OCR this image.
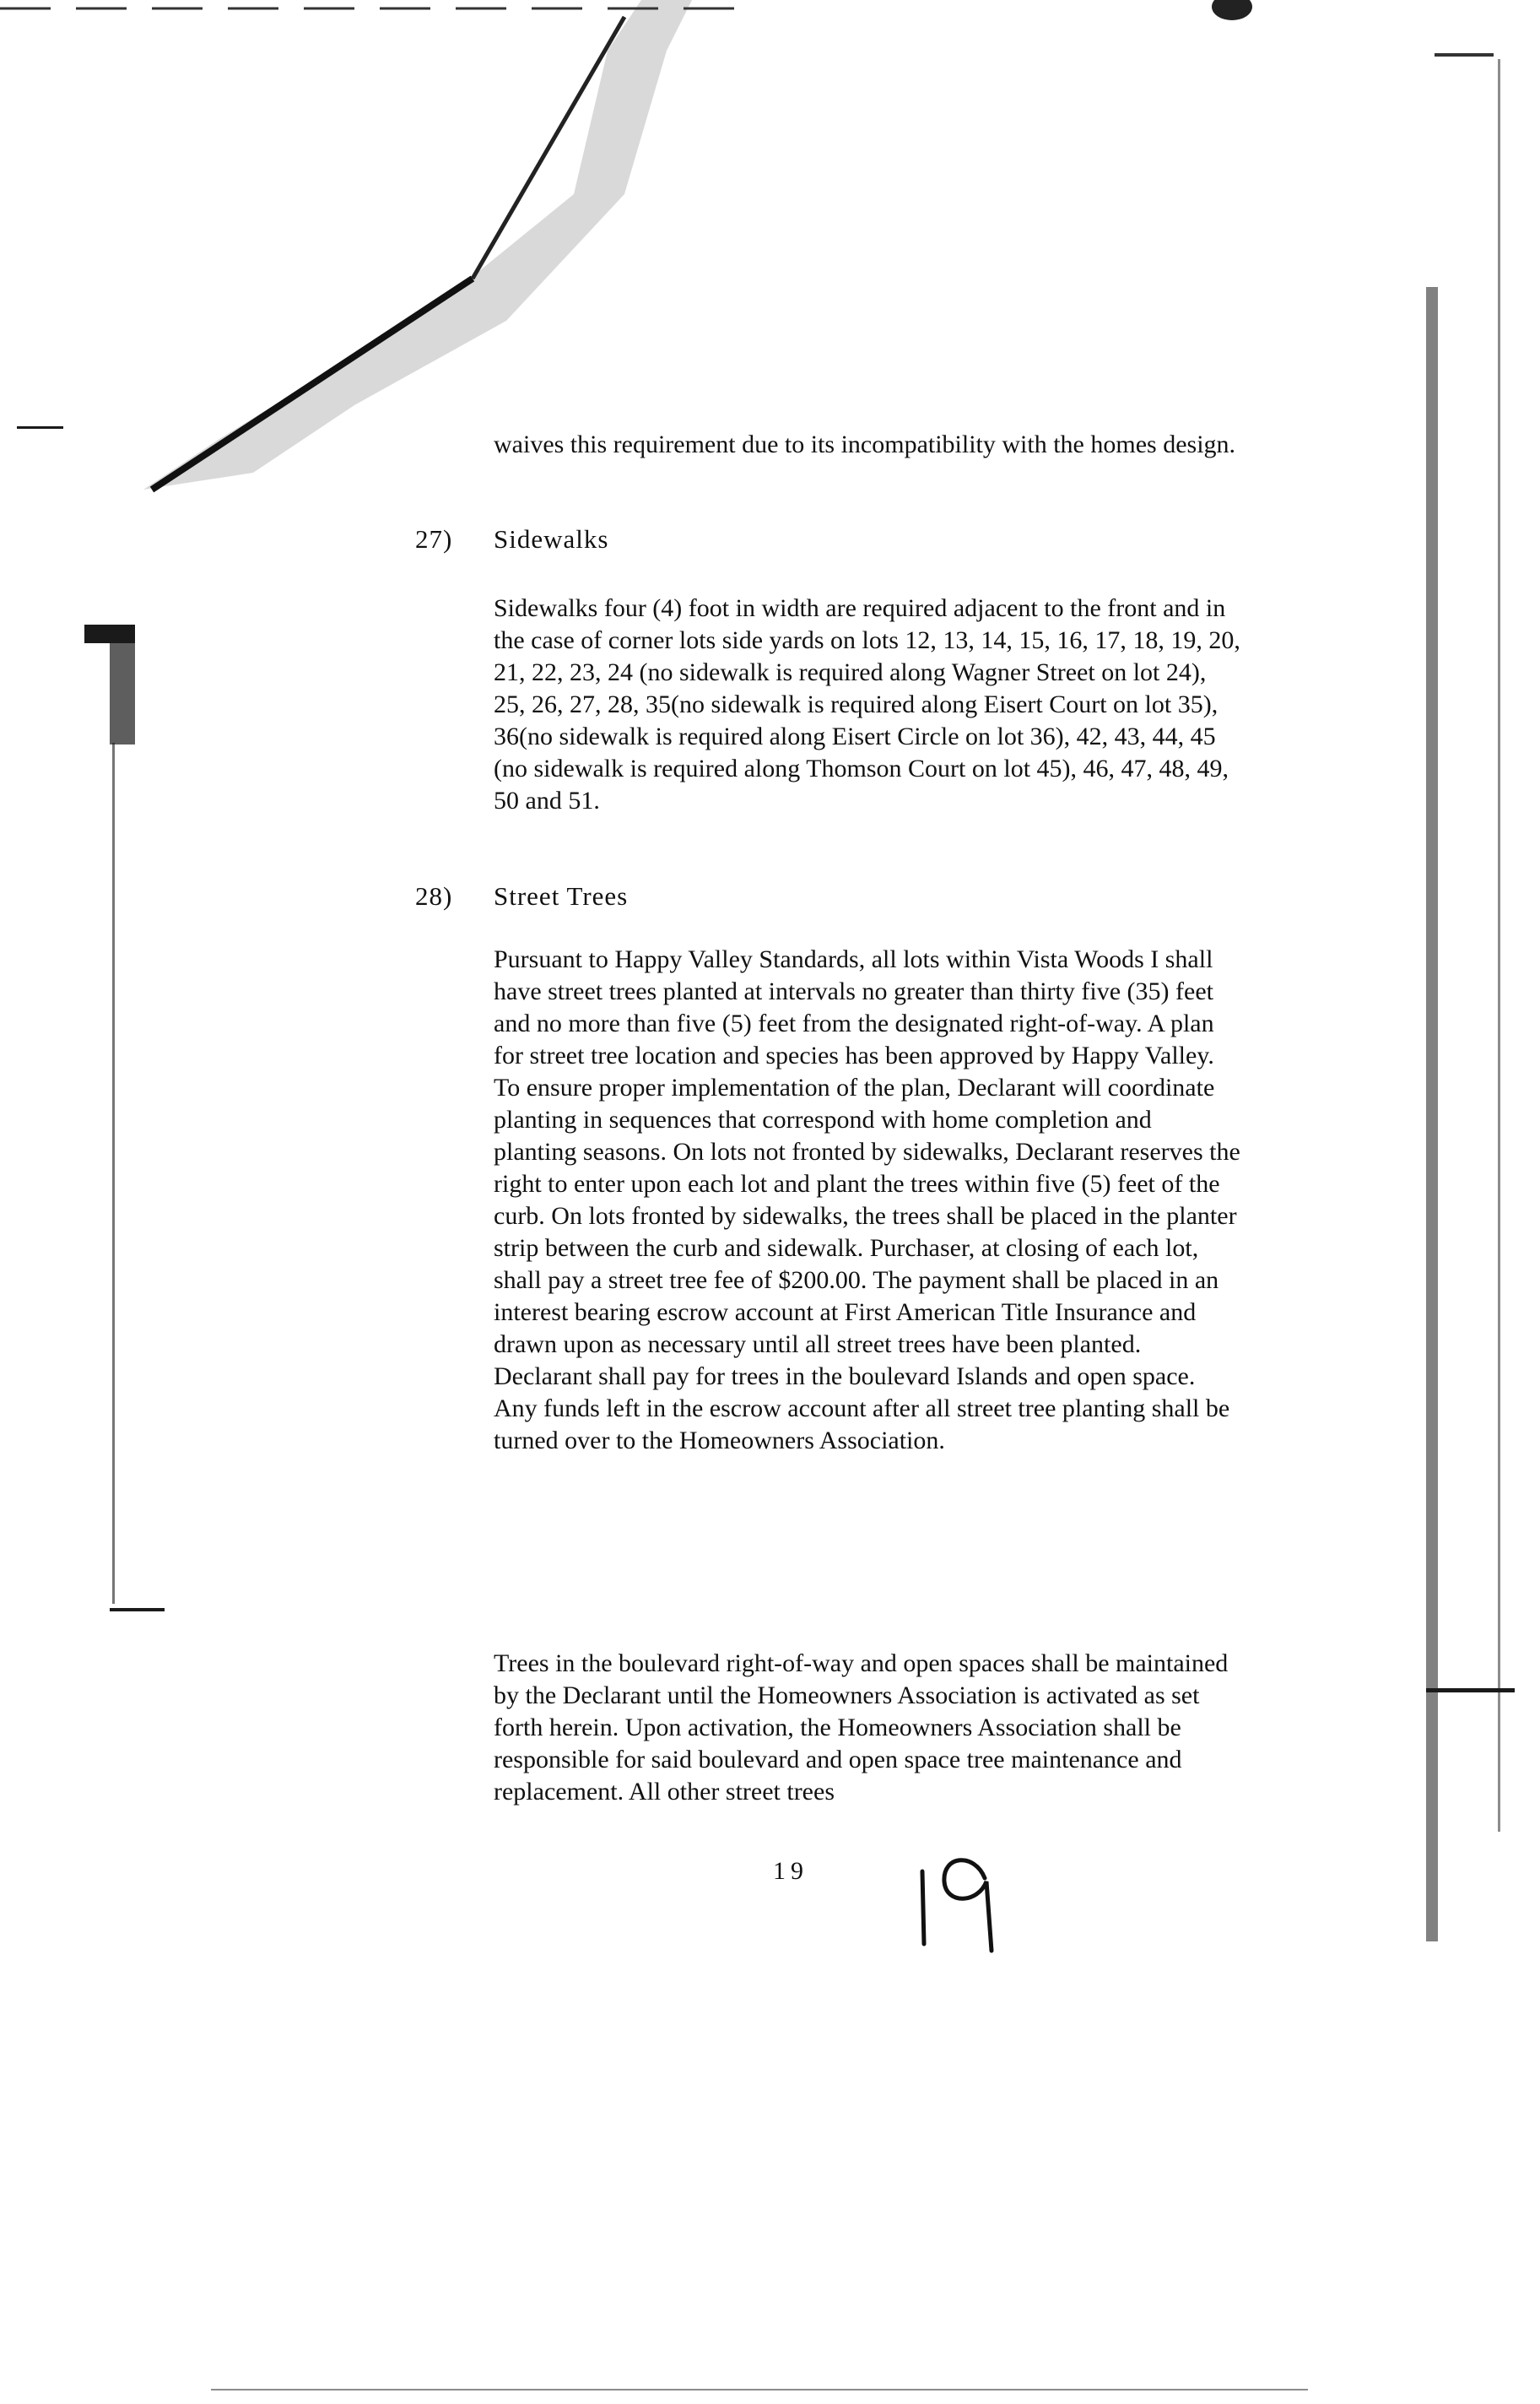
waives this requirement due to its incompatibility with the homes design.

27) Sidewalks

Sidewalks four (4) foot in width are required adjacent to the front and in the case of corner lots side yards on lots 12, 13, 14, 15, 16, 17, 18, 19, 20, 21, 22, 23, 24 (no sidewalk is required along Wagner Street on lot 24), 25, 26, 27, 28, 35(no sidewalk is required along Eisert Court on lot 35), 36(no sidewalk is required along Eisert Circle on lot 36), 42, 43, 44, 45 (no sidewalk is required along Thomson Court on lot 45), 46, 47, 48, 49, 50 and 51.

28) Street Trees

Pursuant to Happy Valley Standards, all lots within Vista Woods I shall have street trees planted at intervals no greater than thirty five (35) feet and no more than five (5) feet from the designated right-of-way. A plan for street tree location and species has been approved by Happy Valley. To ensure proper implementation of the plan, Declarant will coordinate planting in sequences that correspond with home completion and planting seasons. On lots not fronted by sidewalks, Declarant reserves the right to enter upon each lot and plant the trees within five (5) feet of the curb. On lots fronted by sidewalks, the trees shall be placed in the planter strip between the curb and sidewalk. Purchaser, at closing of each lot, shall pay a street tree fee of $200.00. The payment shall be placed in an interest bearing escrow account at First American Title Insurance and drawn upon as necessary until all street trees have been planted. Declarant shall pay for trees in the boulevard Islands and open space. Any funds left in the escrow account after all street tree planting shall be turned over to the Homeowners Association.

Trees in the boulevard right-of-way and open spaces shall be maintained by the Declarant until the Homeowners Association is activated as set forth herein. Upon activation, the Homeowners Association shall be responsible for said boulevard and open space tree maintenance and replacement. All other street trees

19
